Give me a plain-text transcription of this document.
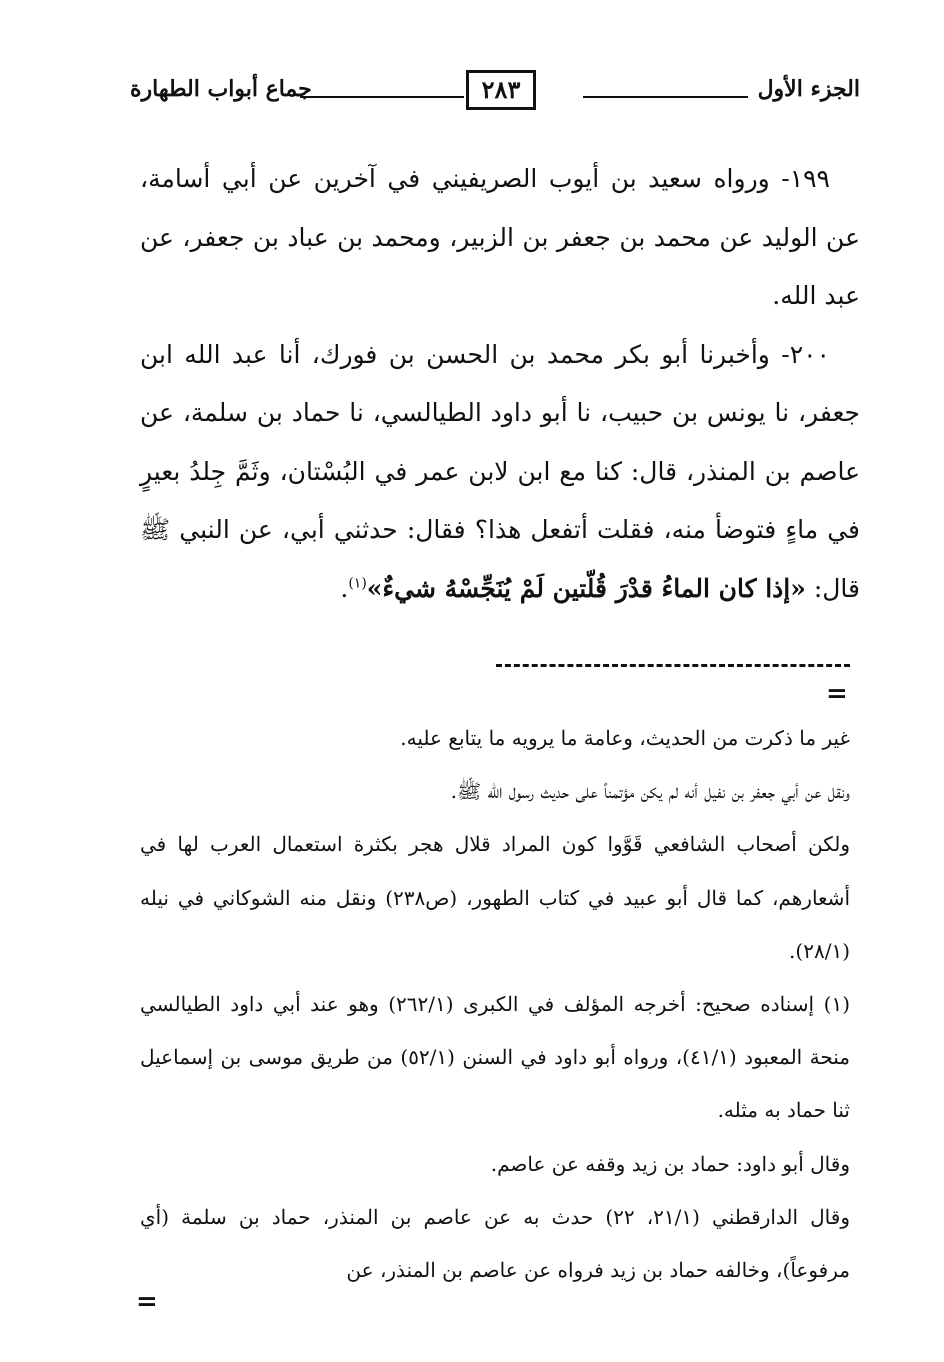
الجزء الأول
٢٨٣
جماع أبواب الطهارة

١٩٩- ورواه سعيد بن أيوب الصريفيني في آخرين عن أبي أسامة، عن الوليد عن محمد بن جعفر بن الزبير، ومحمد بن عباد بن جعفر، عن عبد الله.

٢٠٠- وأخبرنا أبو بكر محمد بن الحسن بن فورك، أنا عبد الله ابن جعفر، نا يونس بن حبيب، نا أبو داود الطيالسي، نا حماد بن سلمة، عن عاصم بن المنذر، قال: كنا مع ابن لابن عمر في البُسْتان، وثَمَّ جِلدُ بعيرٍ في ماءٍ فتوضأ منه، فقلت أتفعل هذا؟ فقال: حدثني أبي، عن النبي ﷺ قال: «إذا كان الماءُ قدْرَ قُلّتين لَمْ يُنَجِّسْهُ شيءٌ»$^{(١)}$.

=

غير ما ذكرت من الحديث، وعامة ما يرويه ما يتابع عليه.

ونقل عن أبي جعفر بن نفيل أنه لم يكن مؤتمناً على حديث رسول الله ﷺ.

ولكن أصحاب الشافعي قَوَّوا كون المراد قلال هجر بكثرة استعمال العرب لها في أشعارهم، كما قال أبو عبيد في كتاب الطهور، (ص٢٣٨) ونقل منه الشوكاني في نيله (٢٨/١).

(١) إسناده صحيح: أخرجه المؤلف في الكبرى (٢٦٢/١) وهو عند أبي داود الطيالسي منحة المعبود (٤١/١)، ورواه أبو داود في السنن (٥٢/١) من طريق موسى بن إسماعيل ثنا حماد به مثله.

وقال أبو داود: حماد بن زيد وقفه عن عاصم.

وقال الدارقطني (٢١/١، ٢٢) حدث به عن عاصم بن المنذر، حماد بن سلمة (أي مرفوعاً)، وخالفه حماد بن زيد فرواه عن عاصم بن المنذر، عن

=
